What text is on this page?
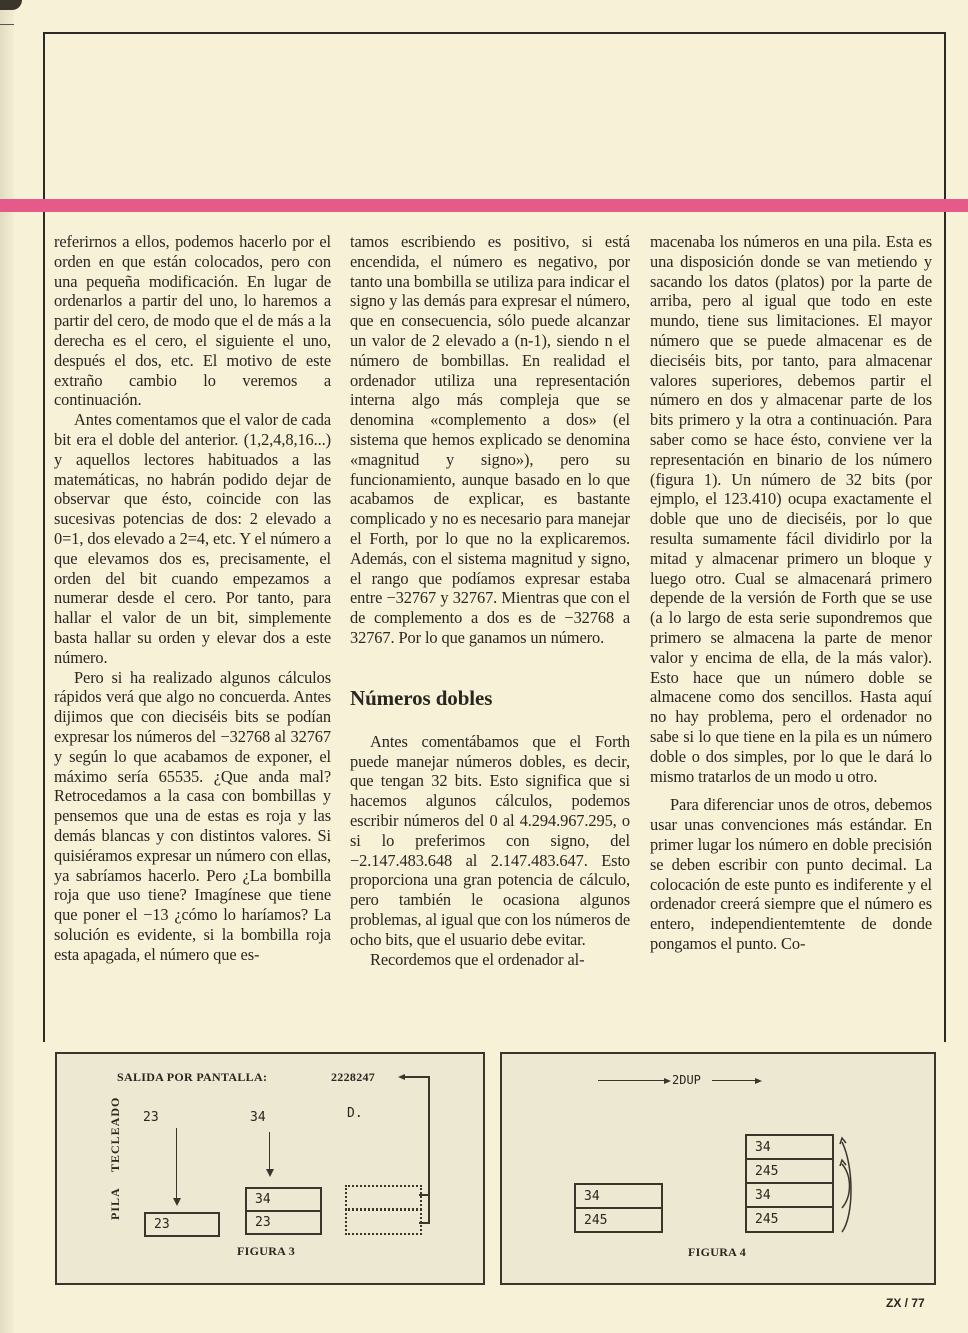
referirnos a ellos, podemos hacerlo por el orden en que están colocados, pero con una pequeña modificación. En lugar de ordenarlos a partir del uno, lo haremos a partir del cero, de modo que el de más a la derecha es el cero, el siguiente el uno, después el dos, etc. El motivo de este extraño cambio lo veremos a continuación.

Antes comentamos que el valor de cada bit era el doble del anterior. (1,2,4,8,16...) y aquellos lectores habituados a las matemáticas, no habrán podido dejar de observar que ésto, coincide con las sucesivas potencias de dos: 2 elevado a 0=1, dos elevado a 2=4, etc. Y el número a que elevamos dos es, precisamente, el orden del bit cuando empezamos a numerar desde el cero. Por tanto, para hallar el valor de un bit, simplemente basta hallar su orden y elevar dos a este número.

Pero si ha realizado algunos cálculos rápidos verá que algo no concuerda. Antes dijimos que con dieciséis bits se podían expresar los números del −32768 al 32767 y según lo que acabamos de exponer, el máximo sería 65535. ¿Que anda mal? Retrocedamos a la casa con bombillas y pensemos que una de estas es roja y las demás blancas y con distintos valores. Si quisiéramos expresar un número con ellas, ya sabríamos hacerlo. Pero ¿La bombilla roja que uso tiene? Imagínese que tiene que poner el −13 ¿cómo lo haríamos? La solución es evidente, si la bombilla roja esta apagada, el número que es-

tamos escribiendo es positivo, si está encendida, el número es negativo, por tanto una bombilla se utiliza para indicar el signo y las demás para expresar el número, que en consecuencia, sólo puede alcanzar un valor de 2 elevado a (n-1), siendo n el número de bombillas. En realidad el ordenador utiliza una representación interna algo más compleja que se denomina «complemento a dos» (el sistema que hemos explicado se denomina «magnitud y signo»), pero su funcionamiento, aunque basado en lo que acabamos de explicar, es bastante complicado y no es necesario para manejar el Forth, por lo que no la explicaremos. Además, con el sistema magnitud y signo, el rango que podíamos expresar estaba entre −32767 y 32767. Mientras que con el de complemento a dos es de −32768 a 32767. Por lo que ganamos un número.

Números dobles

Antes comentábamos que el Forth puede manejar números dobles, es decir, que tengan 32 bits. Esto significa que si hacemos algunos cálculos, podemos escribir números del 0 al 4.294.967.295, o si lo preferimos con signo, del −2.147.483.648 al 2.147.483.647. Esto proporciona una gran potencia de cálculo, pero también le ocasiona algunos problemas, al igual que con los números de ocho bits, que el usuario debe evitar.

Recordemos que el ordenador al-

macenaba los números en una pila. Esta es una disposición donde se van metiendo y sacando los datos (platos) por la parte de arriba, pero al igual que todo en este mundo, tiene sus limitaciones. El mayor número que se puede almacenar es de dieciséis bits, por tanto, para almacenar valores superiores, debemos partir el número en dos y almacenar parte de los bits primero y la otra a continuación. Para saber como se hace ésto, conviene ver la representación en binario de los número (figura 1). Un número de 32 bits (por ejmplo, el 123.410) ocupa exactamente el doble que uno de dieciséis, por lo que resulta sumamente fácil dividirlo por la mitad y almacenar primero un bloque y luego otro. Cual se almacenará primero depende de la versión de Forth que se use (a lo largo de esta serie supondremos que primero se almacena la parte de menor valor y encima de ella, de la más valor). Esto hace que un número doble se almacene como dos sencillos. Hasta aquí no hay problema, pero el ordenador no sabe si lo que tiene en la pila es un número doble o dos simples, por lo que le dará lo mismo tratarlos de un modo u otro.

Para diferenciar unos de otros, debemos usar unas convenciones más estándar. En primer lugar los número en doble precisión se deben escribir con punto decimal. La colocación de este punto es indiferente y el ordenador creerá siempre que el número es entero, independientemtente de donde pongamos el punto. Co-

SALIDA POR PANTALLA:	2228247
PILA
TECLEADO 23	34	D.
23
34
23
FIGURA 3
2DUP
34
245
34
245
34
245
FIGURA 4
ZX / 77
